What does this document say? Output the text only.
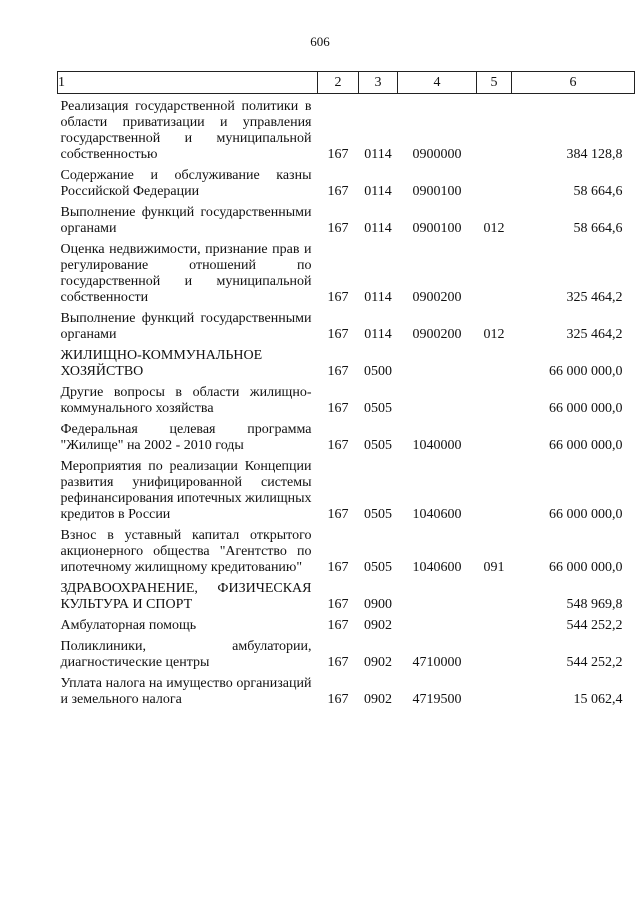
606
1	2	3	4	5	6
Реализация государственной политики в области приватизации и управления государственной и муниципальной собственностью	167	0114	0900000		384 128,8
Содержание и обслуживание казны Российской Федерации	167	0114	0900100		58 664,6
Выполнение функций государственными органами	167	0114	0900100	012	58 664,6
Оценка недвижимости, признание прав и регулирование отношений по государственной и муниципальной собственности	167	0114	0900200		325 464,2
Выполнение функций государственными органами	167	0114	0900200	012	325 464,2
ЖИЛИЩНО-КОММУНАЛЬНОЕ ХОЗЯЙСТВО	167	0500			66 000 000,0
Другие вопросы в области жилищно-коммунального хозяйства	167	0505			66 000 000,0
Федеральная целевая программа "Жилище" на 2002 - 2010 годы	167	0505	1040000		66 000 000,0
Мероприятия по реализации Концепции развития унифицированной системы рефинансирования ипотечных жилищных кредитов в России	167	0505	1040600		66 000 000,0
Взнос в уставный капитал открытого акционерного общества "Агентство по ипотечному жилищному кредитованию"	167	0505	1040600	091	66 000 000,0
ЗДРАВООХРАНЕНИЕ, ФИЗИЧЕСКАЯ КУЛЬТУРА И СПОРТ	167	0900			548 969,8
Амбулаторная помощь	167	0902			544 252,2
Поликлиники, амбулатории, диагностические центры	167	0902	4710000		544 252,2
Уплата налога на имущество организаций и земельного налога	167	0902	4719500		15 062,4
